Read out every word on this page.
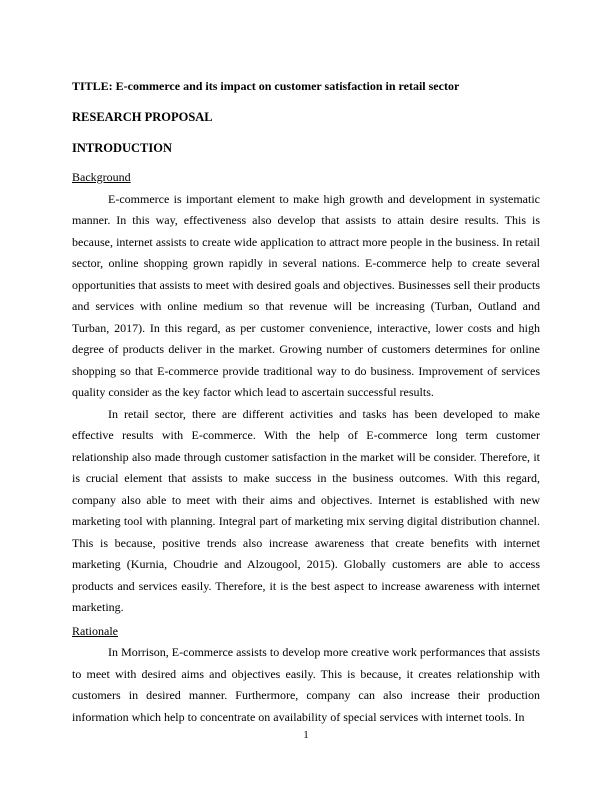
TITLE: E-commerce and its impact on customer satisfaction in retail sector
RESEARCH PROPOSAL
INTRODUCTION
Background

E-commerce is important element to make high growth and development in systematic manner. In this way, effectiveness also develop that assists to attain desire results. This is because, internet assists to create wide application to attract more people in the business. In retail sector, online shopping grown rapidly in several nations. E-commerce help to create several opportunities that assists to meet with desired goals and objectives. Businesses sell their products and services with online medium so that revenue will be increasing (Turban, Outland and Turban, 2017). In this regard, as per customer convenience, interactive, lower costs and high degree of products deliver in the market. Growing number of customers determines for online shopping so that E-commerce provide traditional way to do business. Improvement of services quality consider as the key factor which lead to ascertain successful results.

In retail sector, there are different activities and tasks has been developed to make effective results with E-commerce. With the help of E-commerce long term customer relationship also made through customer satisfaction in the market will be consider. Therefore, it is crucial element that assists to make success in the business outcomes. With this regard, company also able to meet with their aims and objectives. Internet is established with new marketing tool with planning. Integral part of marketing mix serving digital distribution channel. This is because, positive trends also increase awareness that create benefits with internet marketing (Kurnia, Choudrie and Alzougool, 2015). Globally customers are able to access products and services easily. Therefore, it is the best aspect to increase awareness with internet marketing.

Rationale

In Morrison, E-commerce assists to develop more creative work performances that assists to meet with desired aims and objectives easily. This is because, it creates relationship with customers in desired manner. Furthermore, company can also increase their production information which help to concentrate on availability of special services with internet tools. In

1
